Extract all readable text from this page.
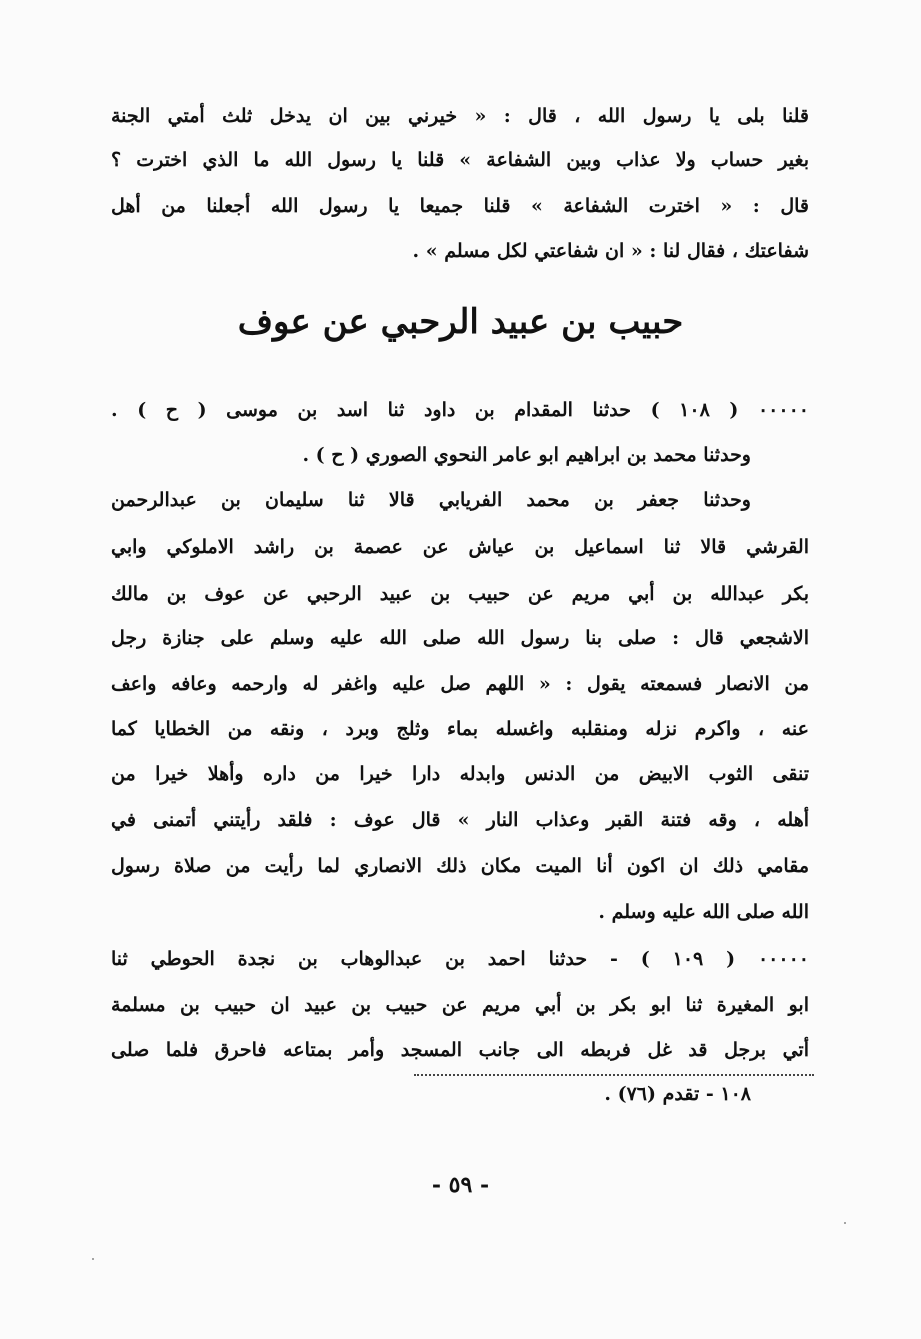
قلنا بلى يا رسول الله ، قال : « خيرني بين ان يدخل ثلث أمتي الجنة
بغير حساب ولا عذاب وبين الشفاعة » قلنا يا رسول الله ما الذي اخترت ؟
قال : « اخترت الشفاعة » قلنا جميعا يا رسول الله أجعلنا من أهل
شفاعتك ، فقال لنا : « ان شفاعتي لكل مسلم » .
حبيب بن عبيد الرحبي عن عوف
٠٠٠٠٠ ( ١٠٨ ) حدثنا المقدام بن داود ثنا اسد بن موسى ( ح ) .
وحدثنا محمد بن ابراهيم ابو عامر النحوي الصوري ( ح ) .
وحدثنا جعفر بن محمد الفريابي قالا ثنا سليمان بن عبدالرحمن
القرشي قالا ثنا اسماعيل بن عياش عن عصمة بن راشد الاملوكي وابي
بكر عبدالله بن أبي مريم عن حبيب بن عبيد الرحبي عن عوف بن مالك
الاشجعي قال : صلى بنا رسول الله صلى الله عليه وسلم على جنازة رجل
من الانصار فسمعته يقول : « اللهم صل عليه واغفر له وارحمه وعافه واعف
عنه ، واكرم نزله ومنقلبه واغسله بماء وثلج وبرد ، ونقه من الخطايا كما
تنقى الثوب الابيض من الدنس وابدله دارا خيرا من داره وأهلا خيرا من
أهله ، وقه فتنة القبر وعذاب النار » قال عوف : فلقد رأيتني أتمنى في
مقامي ذلك ان اكون أنا الميت مكان ذلك الانصاري لما رأيت من صلاة رسول
الله صلى الله عليه وسلم .
٠٠٠٠٠ ( ١٠٩ ) - حدثنا احمد بن عبدالوهاب بن نجدة الحوطي ثنا
ابو المغيرة ثنا ابو بكر بن أبي مريم عن حبيب بن عبيد ان حبيب بن مسلمة
أتي برجل قد غل فربطه الى جانب المسجد وأمر بمتاعه فاحرق فلما صلى
١٠٨ - تقدم (٧٦) .
- ٥٩ -
